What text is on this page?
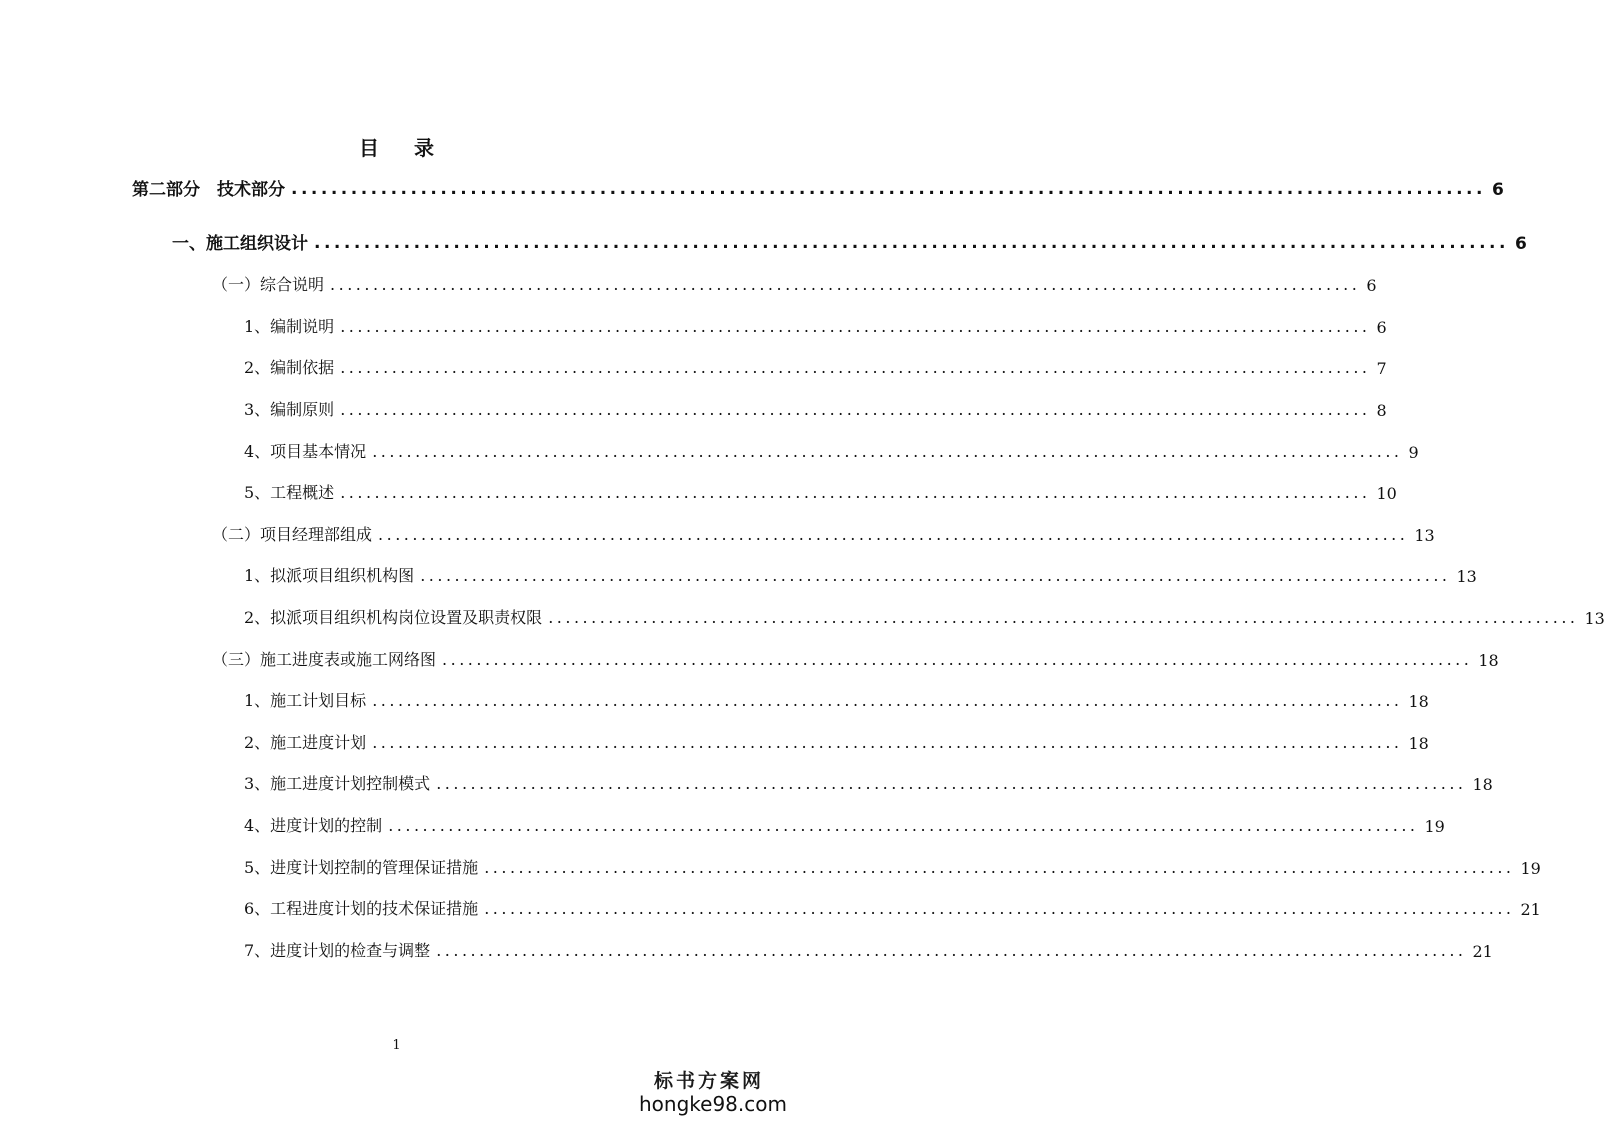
目 录
第二部分　技术部分 ........................................................................................................................ 6
一、施工组织设计 ........................................................................................................................ 6
（一）综合说明 ........................................................................................................................ 6
1、编制说明 ........................................................................................................................ 6
2、编制依据 ........................................................................................................................ 7
3、编制原则 ........................................................................................................................ 8
4、项目基本情况 ........................................................................................................................ 9
5、工程概述 ........................................................................................................................ 10
（二）项目经理部组成 ........................................................................................................................ 13
1、拟派项目组织机构图 ........................................................................................................................ 13
2、拟派项目组织机构岗位设置及职责权限 ........................................................................................................................ 13
（三）施工进度表或施工网络图 ........................................................................................................................ 18
1、施工计划目标 ........................................................................................................................ 18
2、施工进度计划 ........................................................................................................................ 18
3、施工进度计划控制模式 ........................................................................................................................ 18
4、进度计划的控制 ........................................................................................................................ 19
5、进度计划控制的管理保证措施 ........................................................................................................................ 19
6、工程进度计划的技术保证措施 ........................................................................................................................ 21
7、进度计划的检查与调整 ........................................................................................................................ 21
1
标书方案网
hongke98.com
